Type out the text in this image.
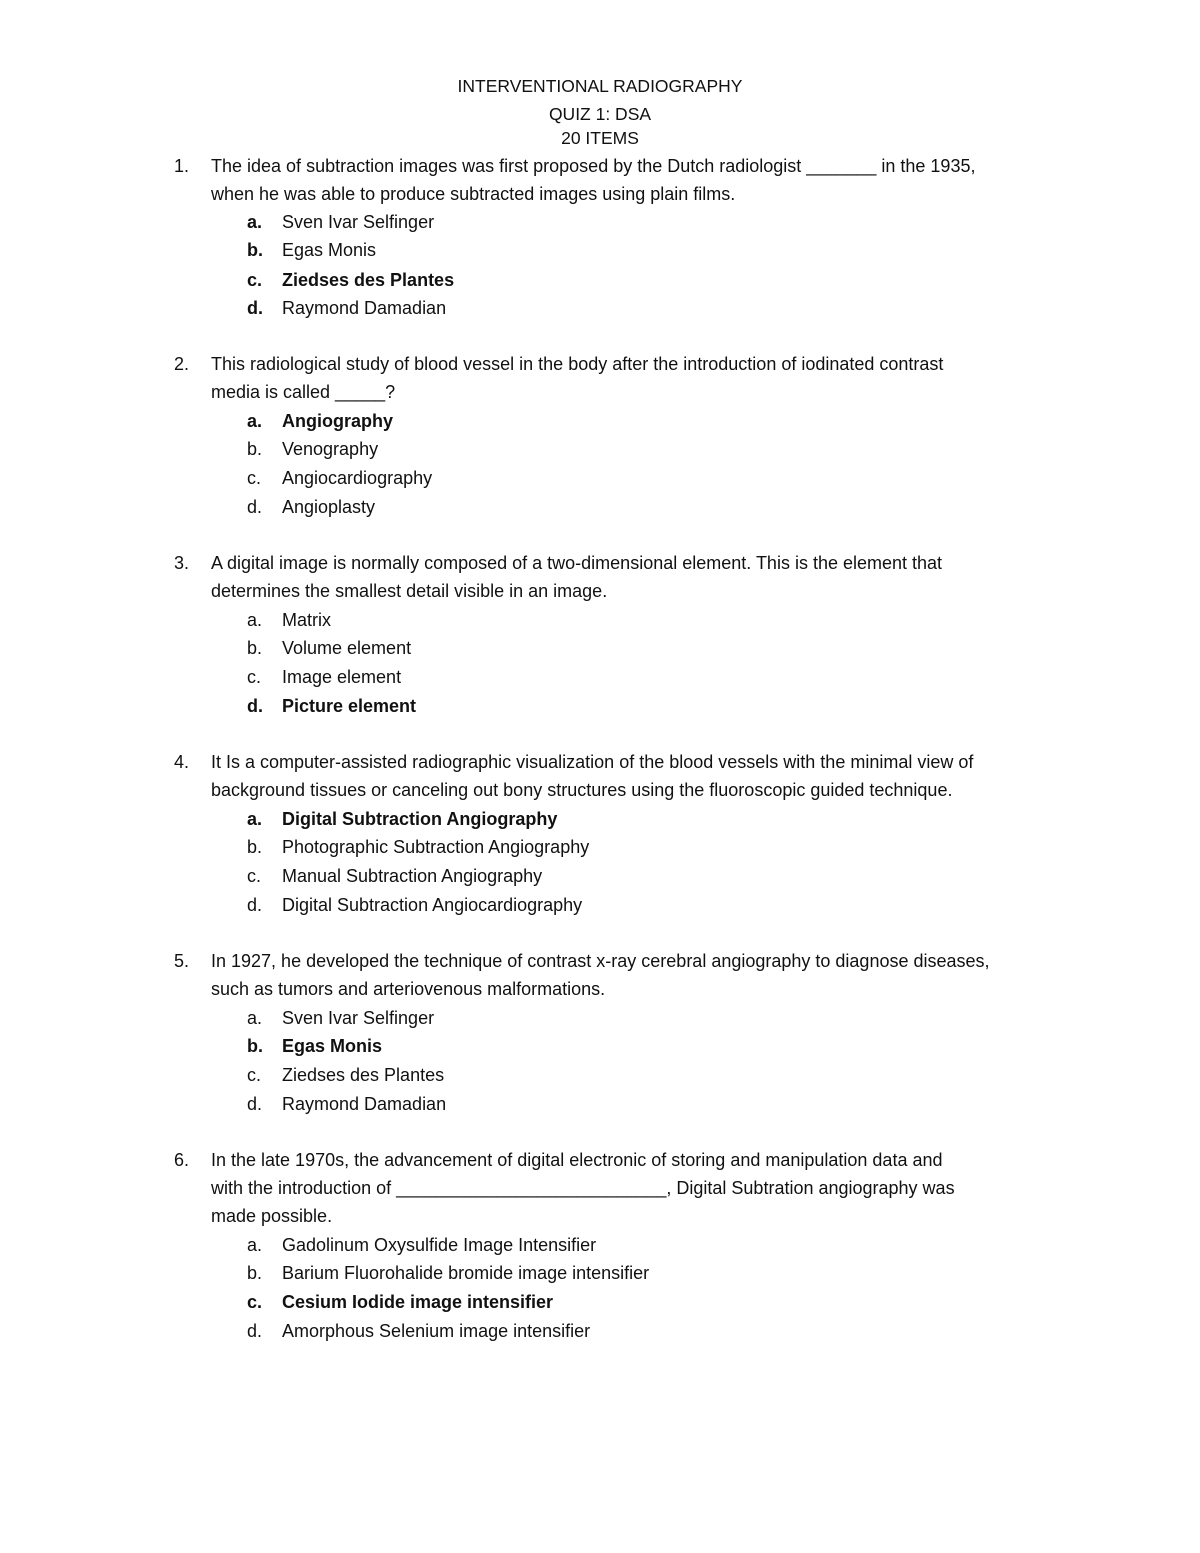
INTERVENTIONAL RADIOGRAPHY
QUIZ 1: DSA
20 ITEMS
1.	The idea of subtraction images was first proposed by the Dutch radiologist _______ in the 1935,
when he was able to produce subtracted images using plain films.
a.	Sven Ivar Selfinger
b.	Egas Monis
c.	Ziedses des Plantes
d.	Raymond Damadian
2.	This radiological study of blood vessel in the body after the introduction of iodinated contrast
media is called _____?
a.	Angiography
b.	Venography
c.	Angiocardiography
d.	Angioplasty
3.	A digital image is normally composed of a two-dimensional element. This is the element that
determines the smallest detail visible in an image.
a.	Matrix
b.	Volume element
c.	Image element
d.	Picture element
4.	It Is a computer-assisted radiographic visualization of the blood vessels with the minimal view of
background tissues or canceling out bony structures using the fluoroscopic guided technique.
a.	Digital Subtraction Angiography
b.	Photographic Subtraction Angiography
c.	Manual Subtraction Angiography
d.	Digital Subtraction Angiocardiography
5.	In 1927, he developed the technique of contrast x-ray cerebral angiography to diagnose diseases,
such as tumors and arteriovenous malformations.
a.	Sven Ivar Selfinger
b.	Egas Monis
c.	Ziedses des Plantes
d.	Raymond Damadian
6.	In the late 1970s, the advancement of digital electronic of storing and manipulation data and
with the introduction of ___________________________, Digital Subtration angiography was
made possible.
a.	Gadolinum Oxysulfide Image Intensifier
b.	Barium Fluorohalide bromide image intensifier
c.	Cesium Iodide image intensifier
d.	Amorphous Selenium image intensifier
